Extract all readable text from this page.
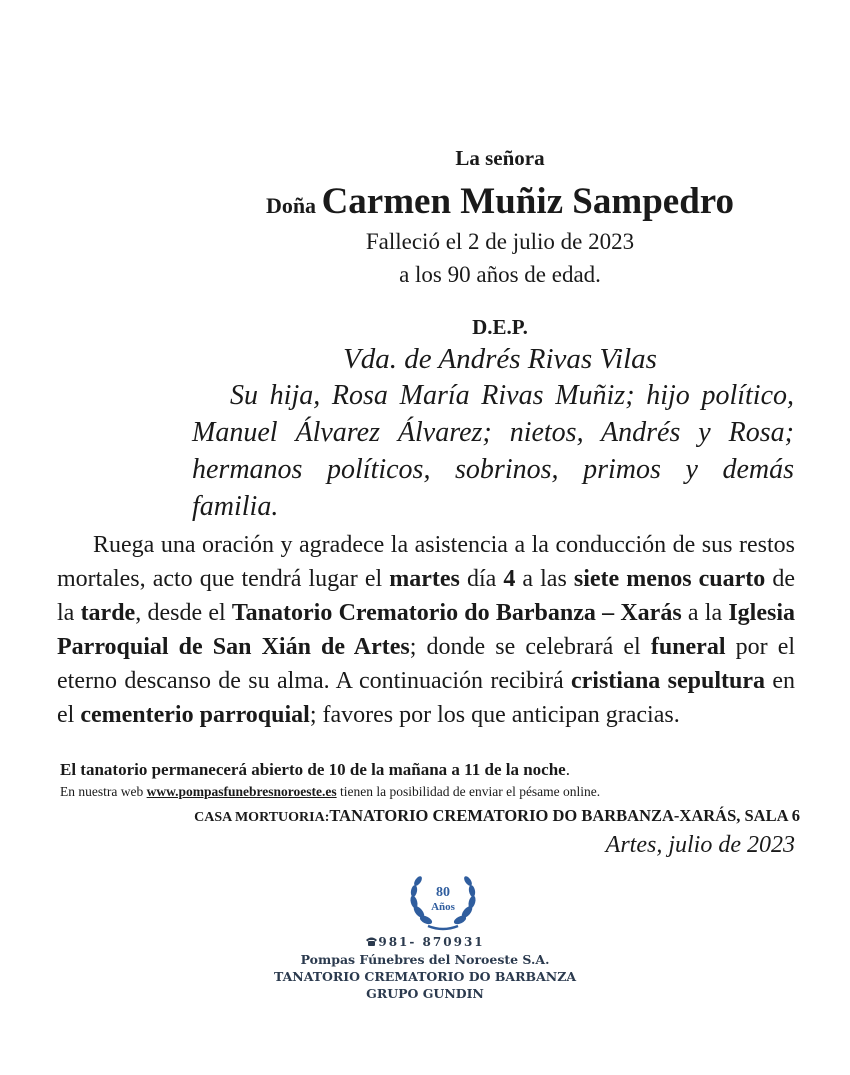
La señora
Doña Carmen Muñiz Sampedro
Falleció el 2 de julio de 2023
a los 90 años de edad.
D.E.P.
Vda. de Andrés Rivas Vilas
Su hija, Rosa María Rivas Muñiz; hijo político, Manuel Álvarez Álvarez; nietos, Andrés y Rosa; hermanos políticos, sobrinos, primos y demás familia.
Ruega una oración y agradece la asistencia a la conducción de sus restos mortales, acto que tendrá lugar el martes día 4 a las siete menos cuarto de la tarde, desde el Tanatorio Crematorio do Barbanza – Xarás a la Iglesia Parroquial de San Xián de Artes; donde se celebrará el funeral por el eterno descanso de su alma. A continuación recibirá cristiana sepultura en el cementerio parroquial; favores por los que anticipan gracias.
El tanatorio permanecerá abierto de 10 de la mañana a 11 de la noche.
En nuestra web www.pompasfunebresnoroeste.es tienen la posibilidad de enviar el pésame online.
CASA MORTUORIA:TANATORIO CREMATORIO DO BARBANZA-XARÁS, SALA 6
Artes, julio de 2023
80
Años
981- 870931
Pompas Fúnebres del Noroeste S.A.
TANATORIO CREMATORIO DO BARBANZA
GRUPO GUNDIN
